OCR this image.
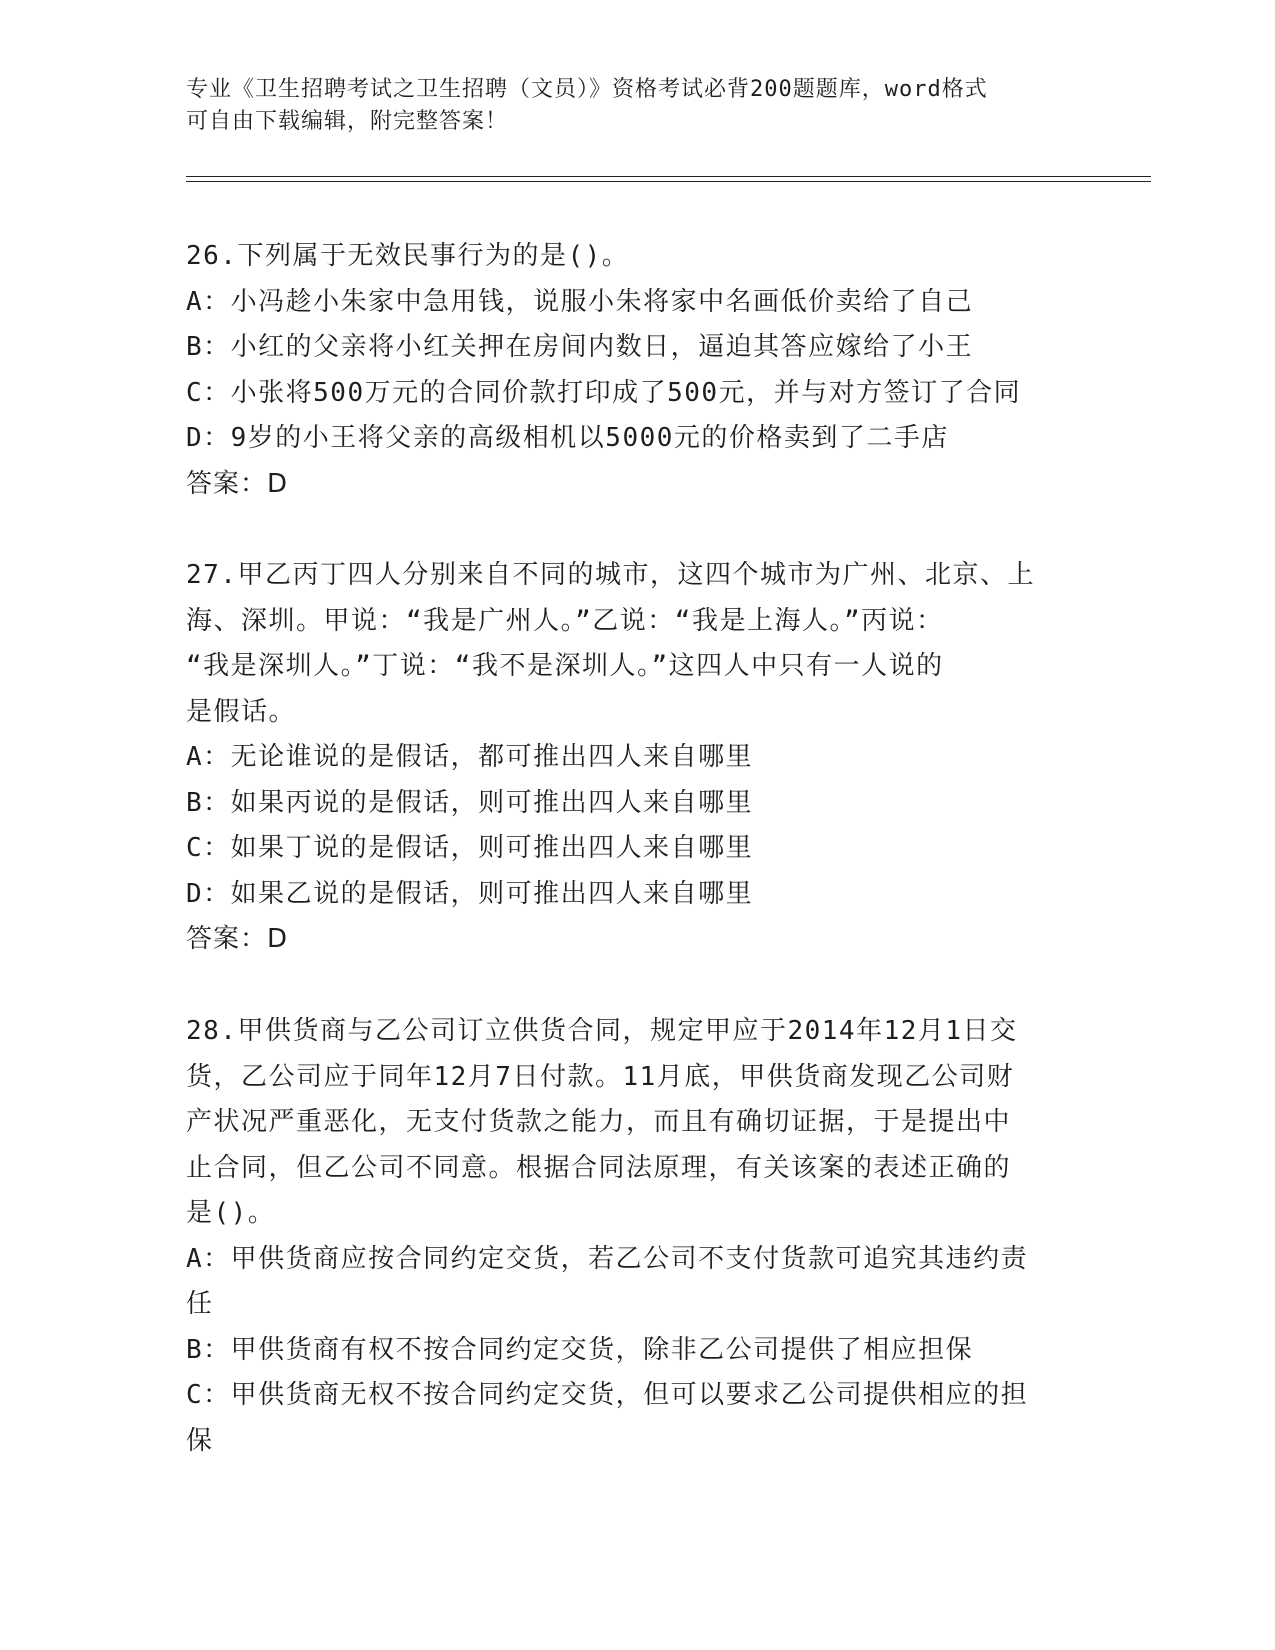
专业《卫生招聘考试之卫生招聘（文员）》资格考试必背200题题库，word格式

可自由下载编辑，附完整答案！

26.下列属于无效民事行为的是()。

A：小冯趁小朱家中急用钱，说服小朱将家中名画低价卖给了自己

B：小红的父亲将小红关押在房间内数日，逼迫其答应嫁给了小王

C：小张将500万元的合同价款打印成了500元，并与对方签订了合同

D：9岁的小王将父亲的高级相机以5000元的价格卖到了二手店

答案：D

27.甲乙丙丁四人分别来自不同的城市，这四个城市为广州、北京、上

海、深圳。甲说：“我是广州人。”乙说：“我是上海人。”丙说：

“我是深圳人。”丁说：“我不是深圳人。”这四人中只有一人说的

是假话。

A：无论谁说的是假话，都可推出四人来自哪里

B：如果丙说的是假话，则可推出四人来自哪里

C：如果丁说的是假话，则可推出四人来自哪里

D：如果乙说的是假话，则可推出四人来自哪里

答案：D

28.甲供货商与乙公司订立供货合同，规定甲应于2014年12月1日交

货，乙公司应于同年12月7日付款。11月底，甲供货商发现乙公司财

产状况严重恶化，无支付货款之能力，而且有确切证据，于是提出中

止合同，但乙公司不同意。根据合同法原理，有关该案的表述正确的

是()。

A：甲供货商应按合同约定交货，若乙公司不支付货款可追究其违约责

任

B：甲供货商有权不按合同约定交货，除非乙公司提供了相应担保

C：甲供货商无权不按合同约定交货，但可以要求乙公司提供相应的担

保
